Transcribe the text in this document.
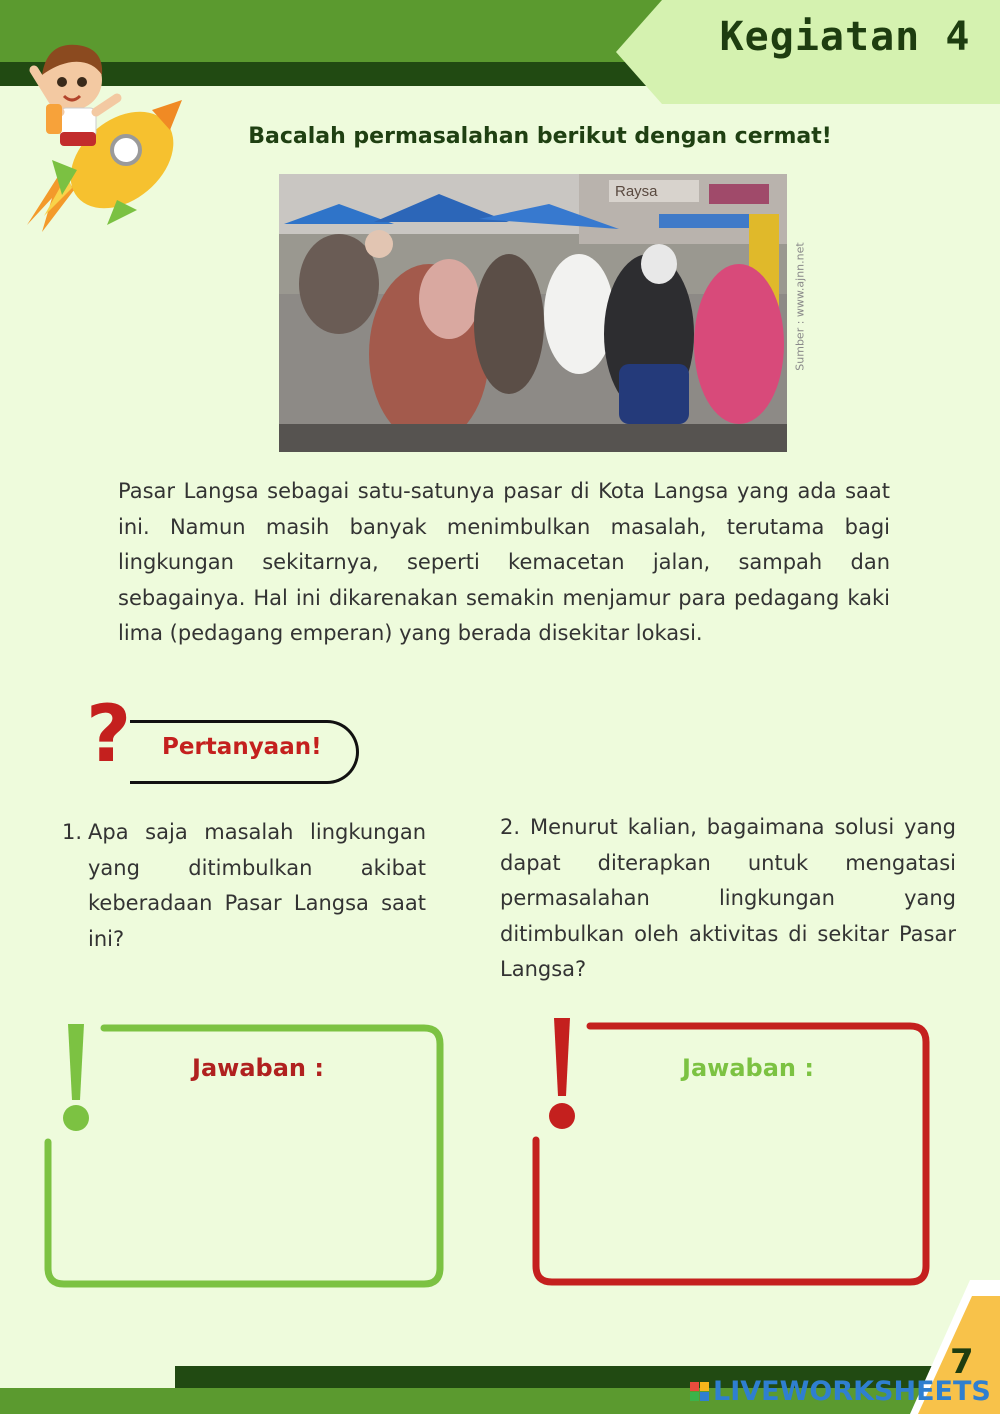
Kegiatan 4
Bacalah permasalahan berikut dengan cermat!
Raysa
Sumber : www.ajnn.net
Pasar Langsa sebagai satu-satunya pasar di Kota Langsa yang ada saat ini. Namun masih banyak menimbulkan masalah, terutama bagi lingkungan sekitarnya, seperti kemacetan jalan, sampah dan sebagainya. Hal ini dikarenakan semakin menjamur para pedagang kaki lima (pedagang emperan) yang berada disekitar lokasi.
? Pertanyaan!
1. Apa saja masalah lingkungan yang ditimbulkan akibat keberadaan Pasar Langsa saat ini?
2. Menurut kalian, bagaimana solusi yang dapat diterapkan untuk mengatasi permasalahan lingkungan yang ditimbulkan oleh aktivitas di sekitar Pasar Langsa?
Jawaban :	Jawaban :
7
LIVEWORKSHEETS
